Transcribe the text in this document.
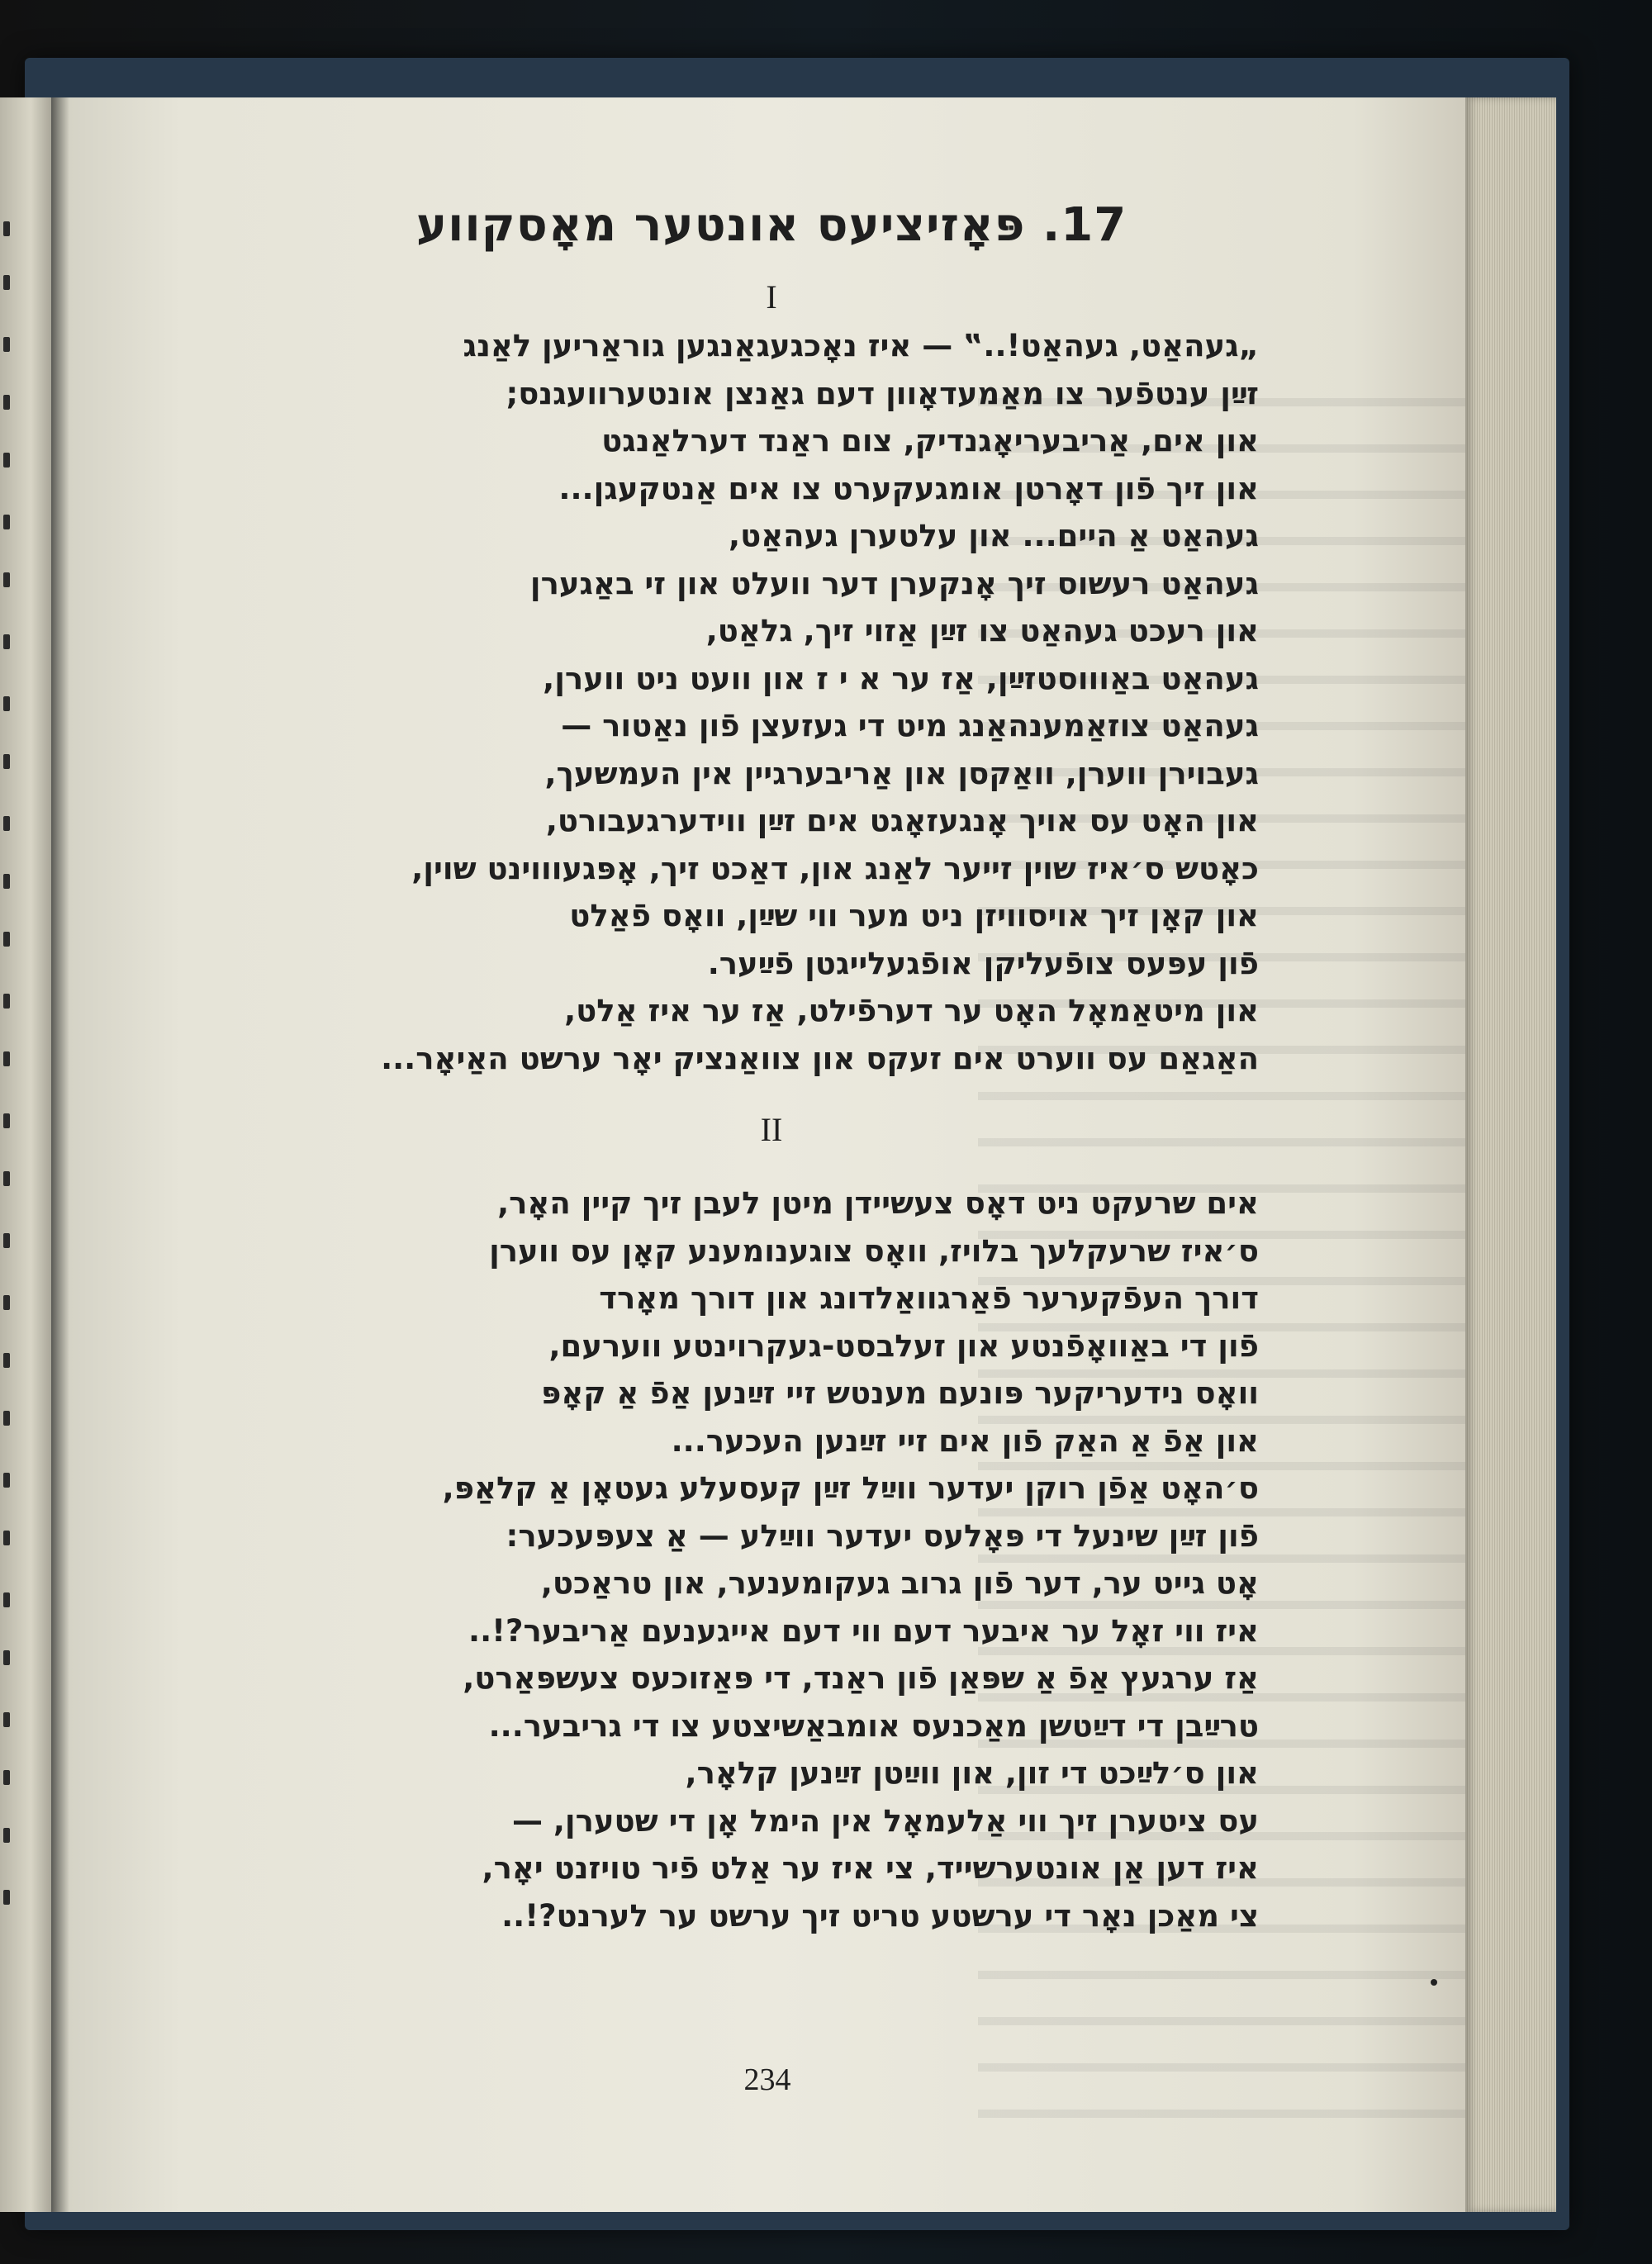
17. פּאָזיציעס אונטער מאָסקווע
I
„געהאַט, געהאַט!..‟ — איז נאָכגעגאַנגען גוראַריען לאַנג
זײַן ענטפֿער צו מאַמעדאָוון דעם גאַנצן אונטערוועגנס;
און אים, אַריבעריאָגנדיק, צום ראַנד דערלאַנגט
און זיך פֿון דאָרטן אומגעקערט צו אים אַנטקעגן...
געהאַט אַ היים... און עלטערן געהאַט,
געהאַט רעשוס זיך אָנקערן דער וועלט און זי באַגערן
און רעכט געהאַט צו זײַן אַזוי זיך, גלאַט,
געהאַט באַוווסטזײַן, אַז ער א י ז און וועט ניט ווערן,
געהאַט צוזאַמענהאַנג מיט די געזעצן פֿון נאַטור —
געבוירן ווערן, וואַקסן און אַריבערגיין אין העמשעך,
און האָט עס אויך אָנגעזאָגט אים זײַן ווידערגעבורט,
כאָטש ס׳איז שוין זייער לאַנג און, דאַכט זיך, אָפּגעוווינט שוין,
און קאָן זיך אויסוויזן ניט מער ווי שײַן, וואָס פֿאַלט
פֿון עפּעס צופֿעליקן אופֿגעלייגטן פֿײַער.
און מיטאַמאָל האָט ער דערפֿילט, אַז ער איז אַלט,
האַגאַם עס ווערט אים זעקס און צוואַנציק יאָר ערשט האַיאָר...
II
אים שרעקט ניט דאָס צעשיידן מיטן לעבן זיך קיין האָר,
ס׳איז שרעקלעך בלויז, וואָס צוגענומענע קאָן עס ווערן
דורך העפֿקערער פֿאַרגוואַלדונג און דורך מאָרד
פֿון די באַוואָפֿנטע און זעלבסט-געקרוינטע ווערעם,
וואָס נידעריקער פּונעם מענטש זיי זײַנען אַפֿ אַ קאָפּ
און אַפֿ אַ האַק פֿון אים זיי זײַנען העכער...
ס׳האָט אַפֿן רוקן יעדער ווײַל זײַן קעסעלע געטאָן אַ קלאַפּ,
פֿון זײַן שינעל די פּאָלעס יעדער ווײַלע — אַ צעפּעכער:
אָט גייט ער, דער פֿון גרוב געקומענער, און טראַכט,
איז ווי זאָל ער איבער דעם ווי דעם אייגענעם אַריבער?!..
אַז ערגעץ אַפֿ אַ שפּאַן פֿון ראַנד, די פּאַזוכעס צעשפּאַרט,
טרײַבן די דײַטשן מאַכנעס אומבאַשיצטע צו די גריבער...
און ס׳לײַכט די זון, און ווײַטן זײַנען קלאָר,
עס ציטערן זיך ווי אַלעמאָל אין הימל אָן די שטערן, —
איז דען אַן אונטערשייד, צי איז ער אַלט פֿיר טויזנט יאָר,
צי מאַכן נאָר די ערשטע טריט זיך ערשט ער לערנט?!..
234
